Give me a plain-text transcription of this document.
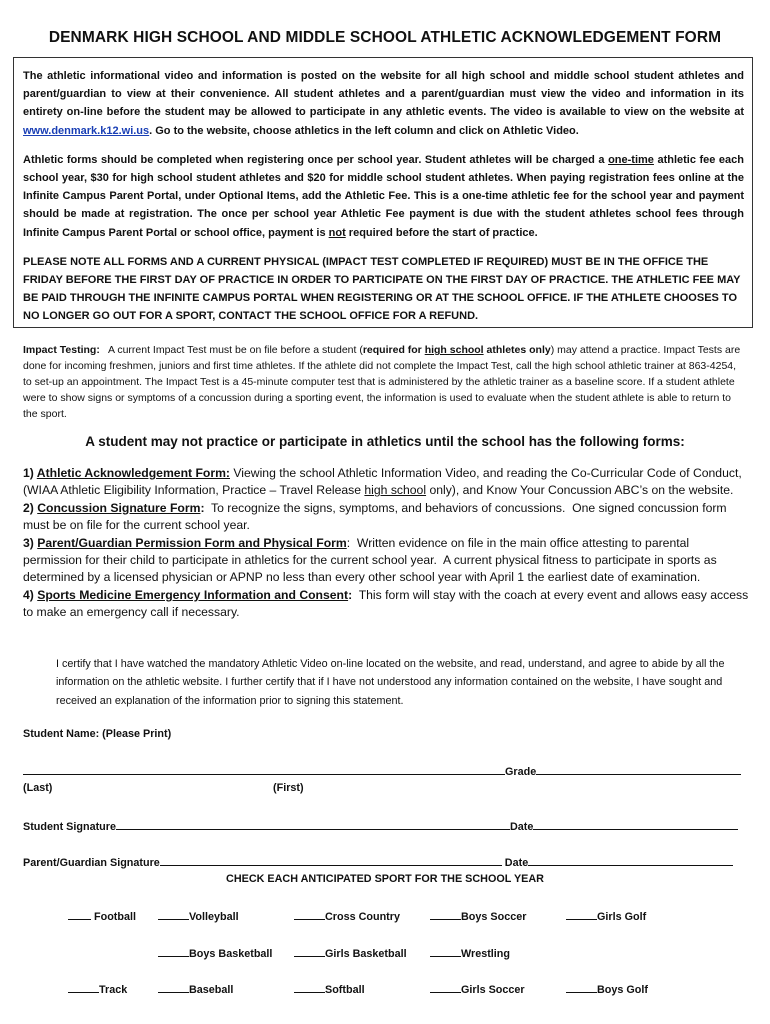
DENMARK HIGH SCHOOL AND MIDDLE SCHOOL ATHLETIC ACKNOWLEDGEMENT FORM

The athletic informational video and information is posted on the website for all high school and middle school student athletes and parent/guardian to view at their convenience. All student athletes and a parent/guardian must view the video and information in its entirety on-line before the student may be allowed to participate in any athletic events. The video is available to view on the website at www.denmark.k12.wi.us. Go to the website, choose athletics in the left column and click on Athletic Video.

Athletic forms should be completed when registering once per school year. Student athletes will be charged a one-time athletic fee each school year, $30 for high school student athletes and $20 for middle school student athletes. When paying registration fees online at the Infinite Campus Parent Portal, under Optional Items, add the Athletic Fee. This is a one-time athletic fee for the school year and payment should be made at registration. The once per school year Athletic Fee payment is due with the student athletes school fees through Infinite Campus Parent Portal or school office, payment is not required before the start of practice.

PLEASE NOTE ALL FORMS AND A CURRENT PHYSICAL (IMPACT TEST COMPLETED IF REQUIRED) MUST BE IN THE OFFICE THE FRIDAY BEFORE THE FIRST DAY OF PRACTICE IN ORDER TO PARTICIPATE ON THE FIRST DAY OF PRACTICE. THE ATHLETIC FEE MAY BE PAID THROUGH THE INFINITE CAMPUS PORTAL WHEN REGISTERING OR AT THE SCHOOL OFFICE. IF THE ATHLETE CHOOSES TO NO LONGER GO OUT FOR A SPORT, CONTACT THE SCHOOL OFFICE FOR A REFUND.

Impact Testing:   A current Impact Test must be on file before a student (required for high school athletes only) may attend a practice. Impact Tests are done for incoming freshmen, juniors and first time athletes. If the athlete did not complete the Impact Test, call the high school athletic trainer at 863-4254, to set-up an appointment. The Impact Test is a 45-minute computer test that is administered by the athletic trainer as a baseline score. If a student athlete were to show signs or symptoms of a concussion during a sporting event, the information is used to evaluate when the student athlete is able to return to the sport.
A student may not practice or participate in athletics until the school has the following forms:

1) Athletic Acknowledgement Form: Viewing the school Athletic Information Video, and reading the Co-Curricular Code of Conduct, (WIAA Athletic Eligibility Information, Practice – Travel Release high school only), and Know Your Concussion ABC’s on the website.

2) Concussion Signature Form:  To recognize the signs, symptoms, and behaviors of concussions.  One signed concussion form must be on file for the current school year.

3) Parent/Guardian Permission Form and Physical Form:  Written evidence on file in the main office attesting to parental permission for their child to participate in athletics for the current school year.  A current physical fitness to participate in sports as determined by a licensed physician or APNP no less than every other school year with April 1 the earliest date of examination.

4) Sports Medicine Emergency Information and Consent:  This form will stay with the coach at every event and allows easy access to make an emergency call if necessary.

I certify that I have watched the mandatory Athletic Video on-line located on the website, and read, understand, and agree to abide by all the information on the athletic website. I further certify that if I have not understood any information contained on the website, I have sought and received an explanation of the information prior to signing this statement.
Student Name: (Please Print)
Grade
(Last)	(First)
Student Signature	Date
Parent/Guardian Signature	Date
CHECK EACH ANTICIPATED SPORT FOR THE SCHOOL YEAR
Football	Volleyball	Cross Country	Boys Soccer	Girls Golf
Boys Basketball	Girls Basketball	Wrestling
Track	Baseball	Softball	Girls Soccer	Boys Golf
